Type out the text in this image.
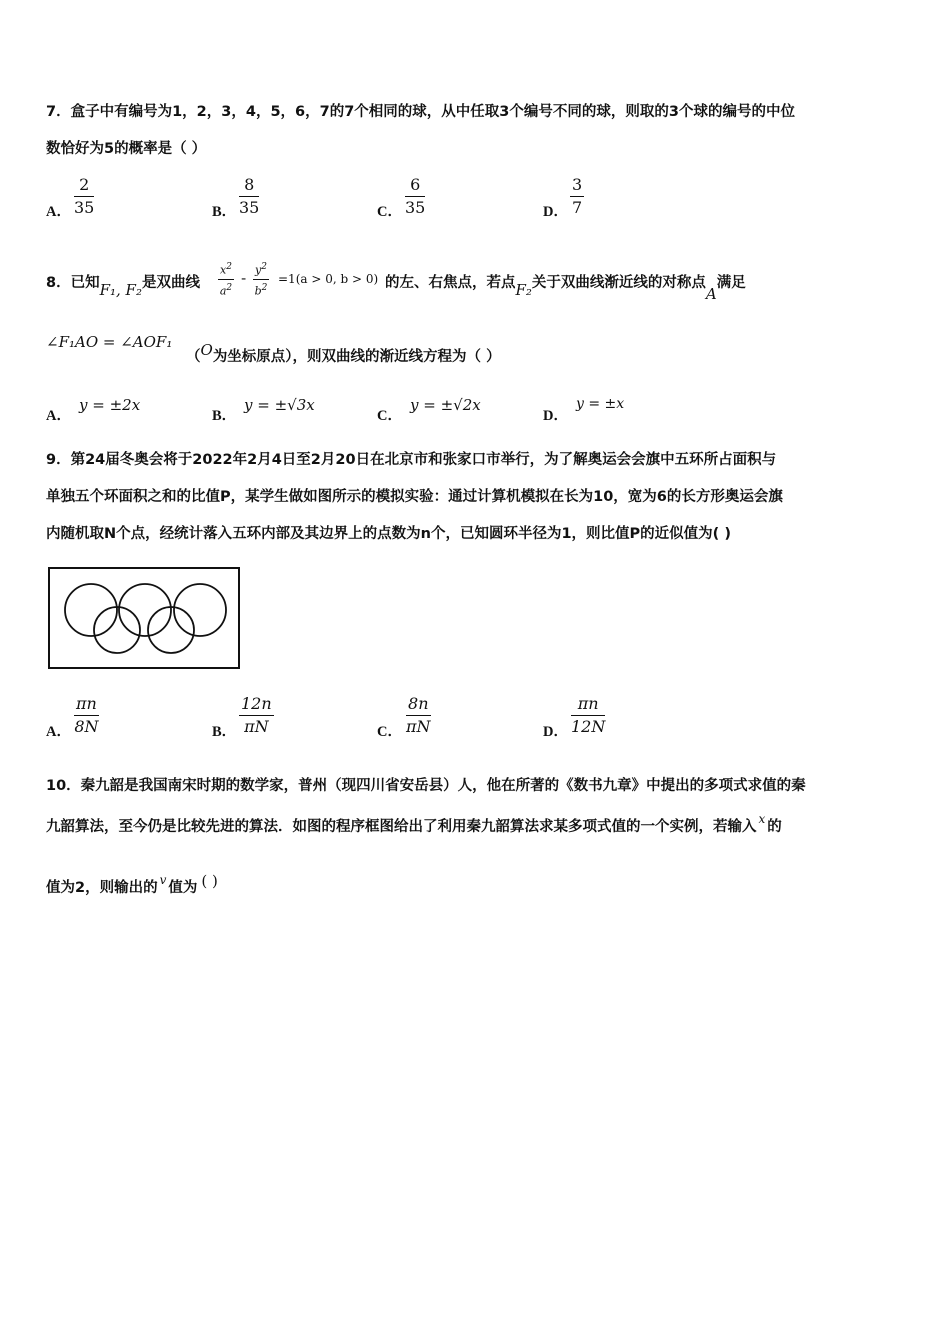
7．盒子中有编号为1，2，3，4，5，6，7的7个相同的球，从中任取3个编号不同的球，则取的3个球的编号的中位
数恰好为5的概率是（ ）
A． $\frac{2}{35}$	B． $\frac{8}{35}$	C． $\frac{6}{35}$	D． $\frac{3}{7}$
8．已知F₁, F₂是双曲线 $\frac{x^2}{a^2} - \frac{y^2}{b^2} =1(a > 0$, b > 0) 的左、右焦点，若点F₂关于双曲线渐近线的对称点A满足
∠F₁AO = ∠AOF₁
（O为坐标原点），则双曲线的渐近线方程为（ ）
A．
y = ±2x
B．
y = ±√3x
C．
y = ±√2x
D．
y = ±x
9．第24届冬奥会将于2022年2月4日至2月20日在北京市和张家口市举行，为了解奥运会会旗中五环所占面积与
单独五个环面积之和的比值P，某学生做如图所示的模拟实验：通过计算机模拟在长为10，宽为6的长方形奥运会旗
内随机取N个点，经统计落入五环内部及其边界上的点数为n个，已知圆环半径为1，则比值P的近似值为( )
A． $\frac{\pi n}{8N}$	B． $\frac{12n}{\pi N}$	C． $\frac{8n}{\pi N}$	D． $\frac{\pi n}{12N}$
10．秦九韶是我国南宋时期的数学家，普州（现四川省安岳县）人，他在所著的《数书九章》中提出的多项式求值的秦
九韶算法，至今仍是比较先进的算法．如图的程序框图给出了利用秦九韶算法求某多项式值的一个实例，若输入 $^x$ 的
值为2，则输出的 $^v$ 值为 ( )
